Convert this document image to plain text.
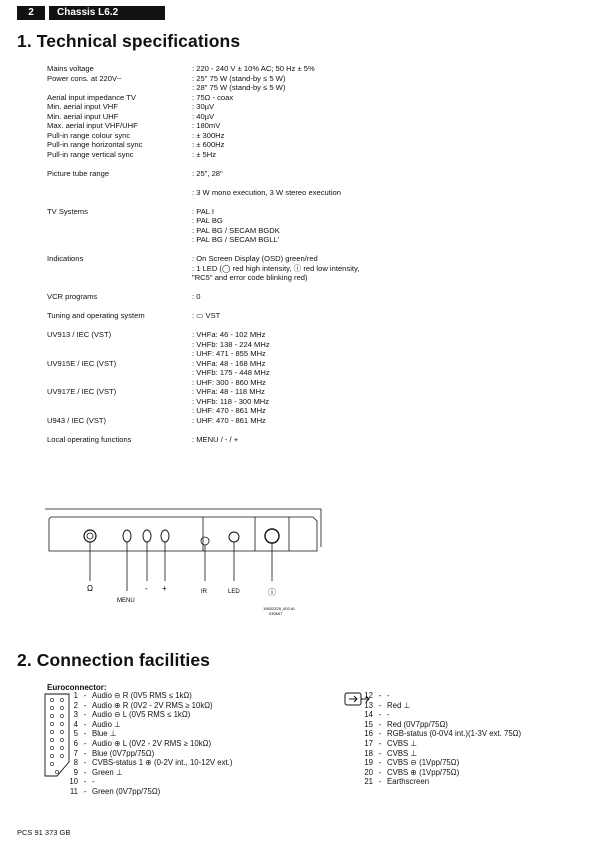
2	Chassis L6.2
1. Technical specifications
Mains voltage	: 220 - 240 V ± 10% AC; 50 Hz ± 5%
Power cons. at 220V~	: 25" 75 W (stand-by ≤ 5 W)
: 28" 75 W (stand-by ≤ 5 W)
Aerial input impedance TV	: 75Ω - coax
Min. aerial input VHF	: 30µV
Min. aerial input UHF	: 40µV
Max. aerial input VHF/UHF	: 180mV
Pull-in range colour sync	: ± 300Hz
Pull-in range horizontal sync	: ± 600Hz
Pull-in range vertical sync	: ± 5Hz
Picture tube range	: 25", 28"
: 3 W mono execution, 3 W stereo execution
TV Systems	: PAL I
: PAL BG
: PAL BG / SECAM BGDK
: PAL BG / SECAM BGLL'
Indications	: On Screen Display (OSD) green/red
: 1 LED (◯ red high intensity, ⓘ red low intensity,
"RC5" and error code blinking red)
VCR programs	: 0
Tuning and operating system	: ▭ VST
UV913 / IEC (VST)	: VHFa: 46 - 102 MHz
: VHFb: 138 - 224 MHz
: UHF: 471 - 855 MHz
UV915E / IEC (VST)	: VHFa: 48 - 168 MHz
: VHFb: 175 - 448 MHz
: UHF: 300 - 860 MHz
UV917E / IEC (VST)	: VHFa: 48 - 118 MHz
: VHFb: 118 - 300 MHz
: UHF: 470 - 861 MHz
U943 / IEC (VST)	: UHF: 470 - 861 MHz
Local operating functions	: MENU / - / +
Ω
MENU
- +	IR	LED	ⓘ
19532329_002.AI
030697
2. Connection facilities
Euroconnector:
1 - Audio ⊖ R (0V5 RMS ≤ 1kΩ)
2 - Audio ⊕ R (0V2 - 2V RMS ≥ 10kΩ)
3 - Audio ⊖ L (0V5 RMS ≤ 1kΩ)
4 - Audio ⊥
5 - Blue ⊥
6 - Audio ⊕ L (0V2 - 2V RMS ≥ 10kΩ)
7 - Blue (0V7pp/75Ω)
8 - CVBS-status 1 ⊕ (0-2V int., 10-12V ext.)
9 - Green ⊥
10 - -
11 - Green (0V7pp/75Ω)
12 - -
13 - Red ⊥
14 - -
15 - Red (0V7pp/75Ω)
16 - RGB-status (0-0V4 int.)(1-3V ext. 75Ω)
17 - CVBS ⊥
18 - CVBS ⊥
19 - CVBS ⊖ (1Vpp/75Ω)
20 - CVBS ⊕ (1Vpp/75Ω)
21 - Earthscreen
PCS 91 373 GB
